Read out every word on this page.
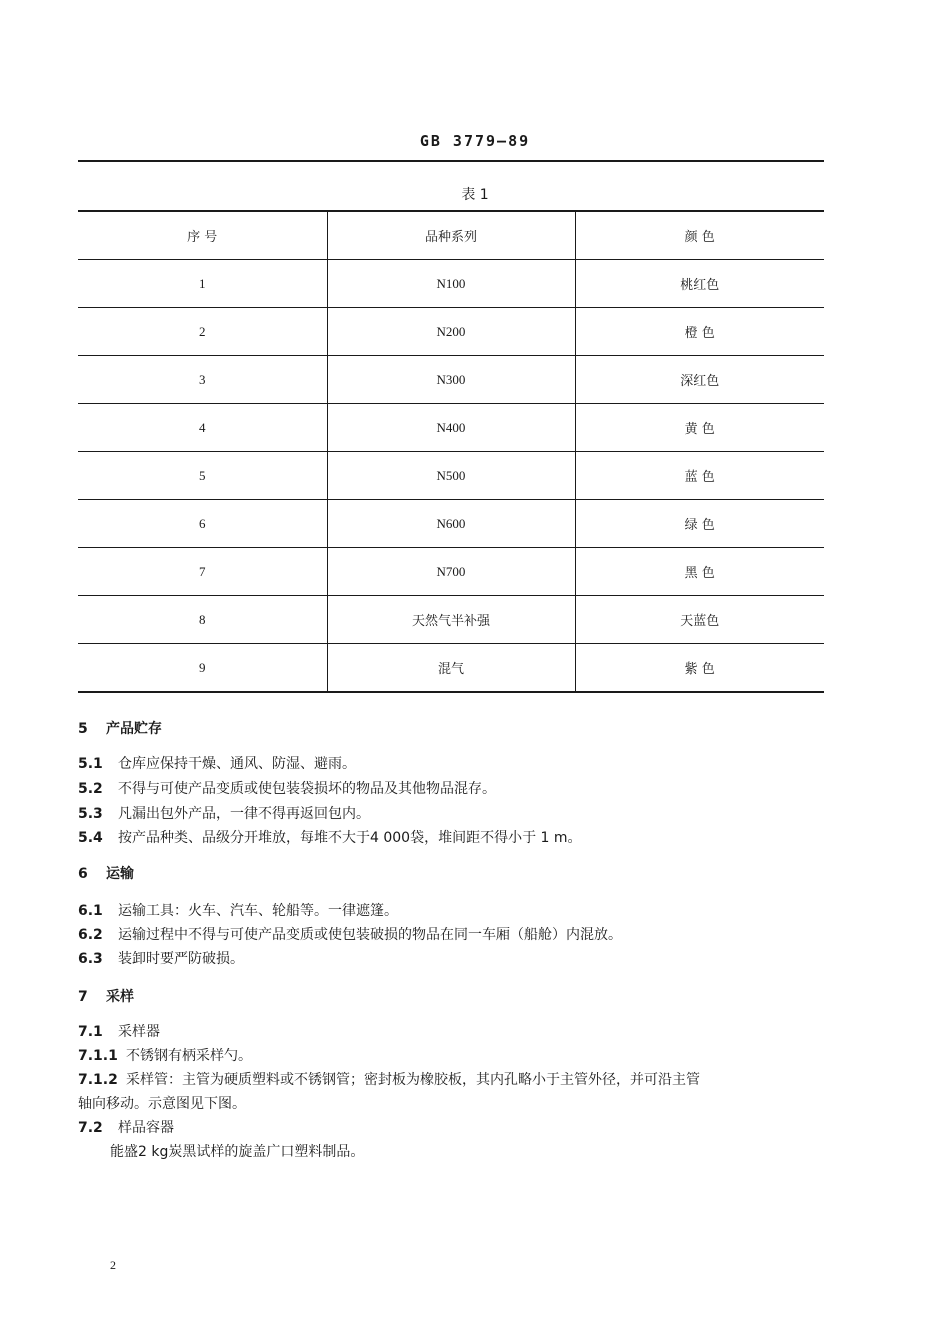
GB 3779—89
表 1
序 号	品种系列	颜 色
1	N100	桃红色
2	N200	橙 色
3	N300	深红色
4	N400	黄 色
5	N500	蓝 色
6	N600	绿 色
7	N700	黑 色
8	天然气半补强	天蓝色
9	混气	紫 色
5 产品贮存
5.1 仓库应保持干燥、通风、防湿、避雨。
5.2 不得与可使产品变质或使包装袋损坏的物品及其他物品混存。
5.3 凡漏出包外产品，一律不得再返回包内。
5.4 按产品种类、品级分开堆放，每堆不大于4 000袋，堆间距不得小于 1 m。
6 运输
6.1 运输工具：火车、汽车、轮船等。一律遮篷。
6.2 运输过程中不得与可使产品变质或使包装破损的物品在同一车厢（船舱）内混放。
6.3 装卸时要严防破损。
7 采样
7.1 采样器
7.1.1 不锈钢有柄采样勺。
7.1.2 采样管：主管为硬质塑料或不锈钢管；密封板为橡胶板，其内孔略小于主管外径，并可沿主管
轴向移动。示意图见下图。
7.2 样品容器
能盛2 kg炭黑试样的旋盖广口塑料制品。
2
